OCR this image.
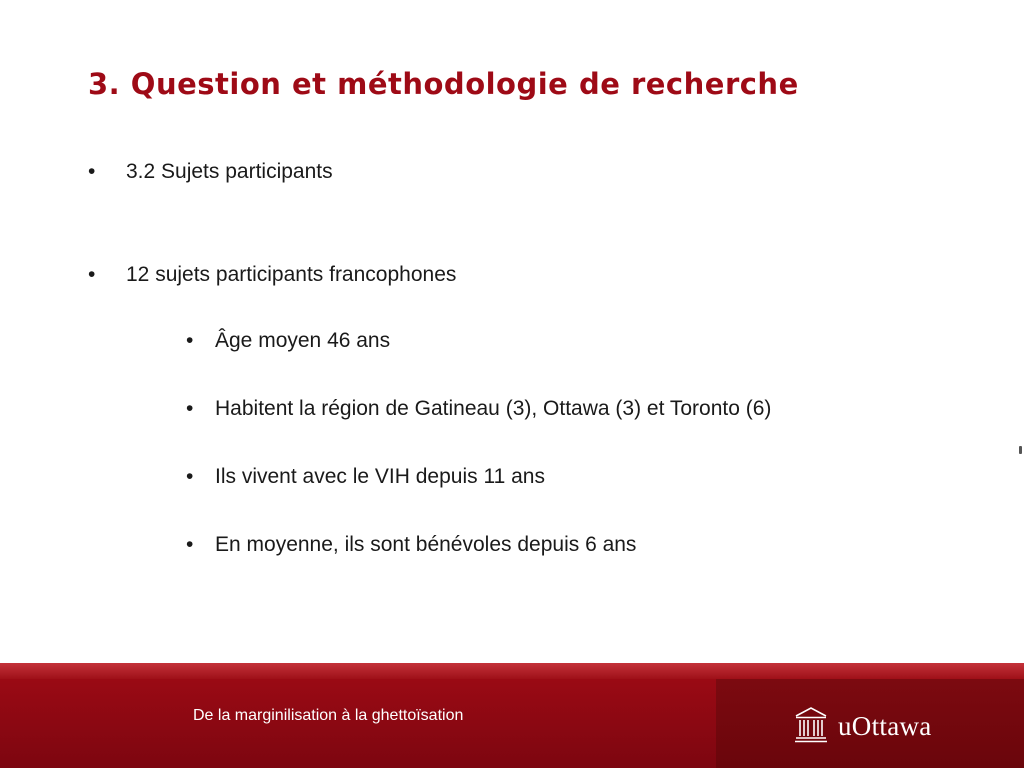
3. Question et méthodologie de recherche
• 3.2 Sujets participants
• 12 sujets participants francophones
• Âge moyen 46 ans
• Habitent la région de Gatineau (3), Ottawa (3) et Toronto (6)
• Ils vivent avec le VIH depuis 11 ans
• En moyenne, ils sont bénévoles depuis 6 ans
De la marginilisation à la ghettoïsation	uOttawa
